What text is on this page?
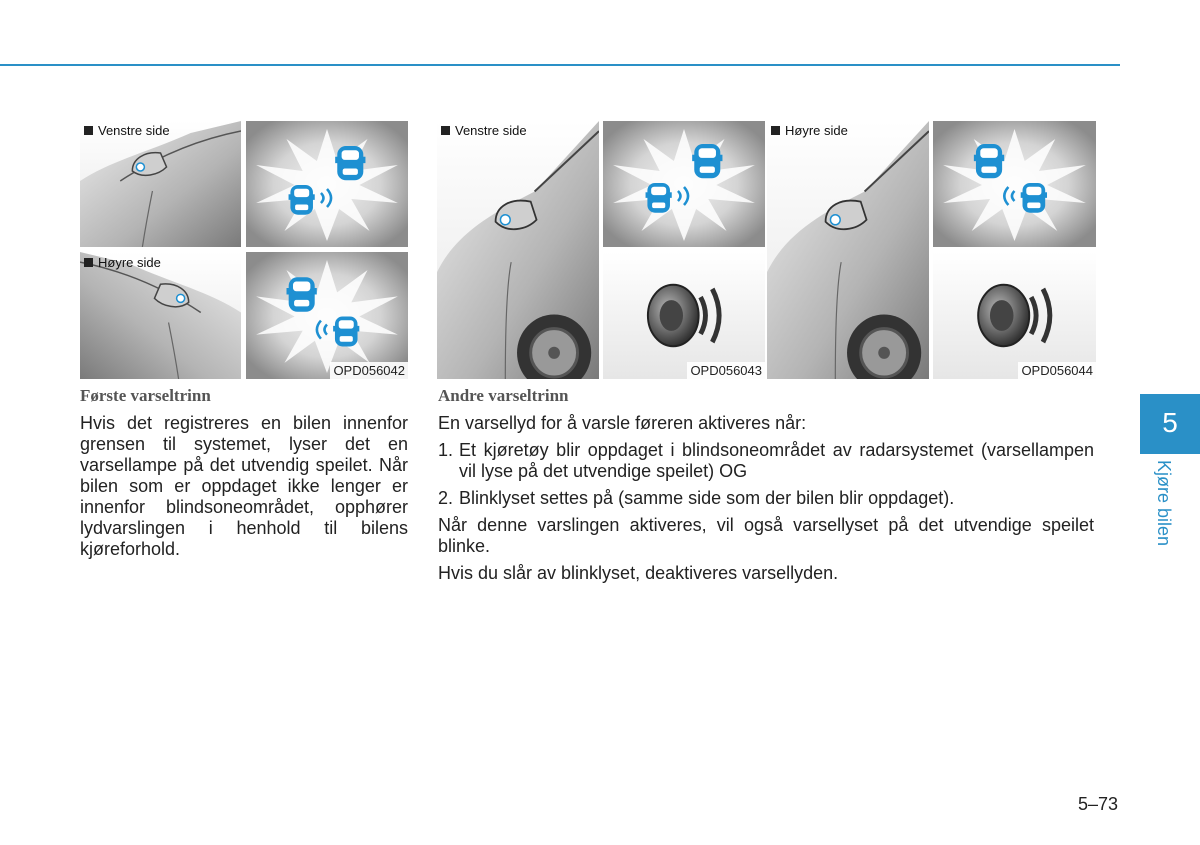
Venstre side
Høyre side
OPD056042
Venstre side
OPD056043
Høyre side
OPD056044
Første varseltrinn
Hvis det registreres en bilen innenfor grensen til systemet, lyser det en varsellampe på det utvendig speilet. Når bilen som er oppdaget ikke lenger er innenfor blindsoneområdet, opphører lydvarslingen i henhold til bilens kjøreforhold.
Andre varseltrinn
En varsellyd for å varsle føreren aktiveres når:
1. Et kjøretøy blir oppdaget i blindsoneområdet av radarsystemet (varsellampen vil lyse på det utvendige speilet) OG
2. Blinklyset settes på (samme side som der bilen blir oppdaget).
Når denne varslingen aktiveres, vil også varsellyset på det utvendige speilet blinke.
Hvis du slår av blinklyset, deaktiveres varsellyden.
5
Kjøre bilen
5–73
